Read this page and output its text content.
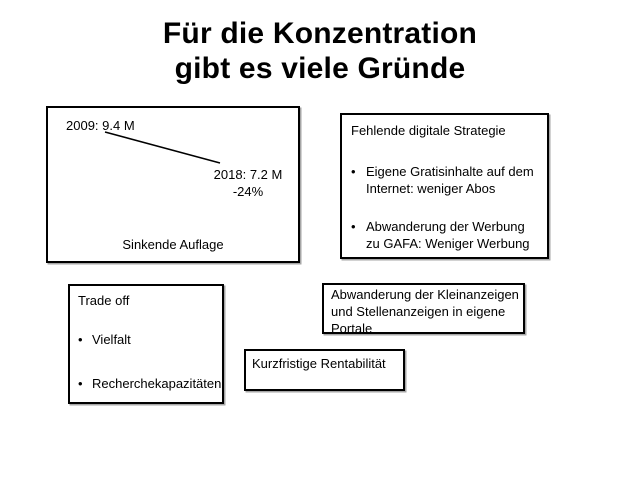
Für die Konzentration
gibt es viele Gründe
2009: 9.4 M
2018: 7.2 M
-24%
Sinkende Auflage

Fehlende digitale Strategie

• Eigene Gratisinhalte auf dem Internet: weniger Abos
• Abwanderung der Werbung zu GAFA: Weniger Werbung

Trade off

• Vielfalt
• Recherchekapazitäten
Abwanderung der Kleinanzeigen
und Stellenanzeigen in eigene
Portale
Kurzfristige Rentabilität
